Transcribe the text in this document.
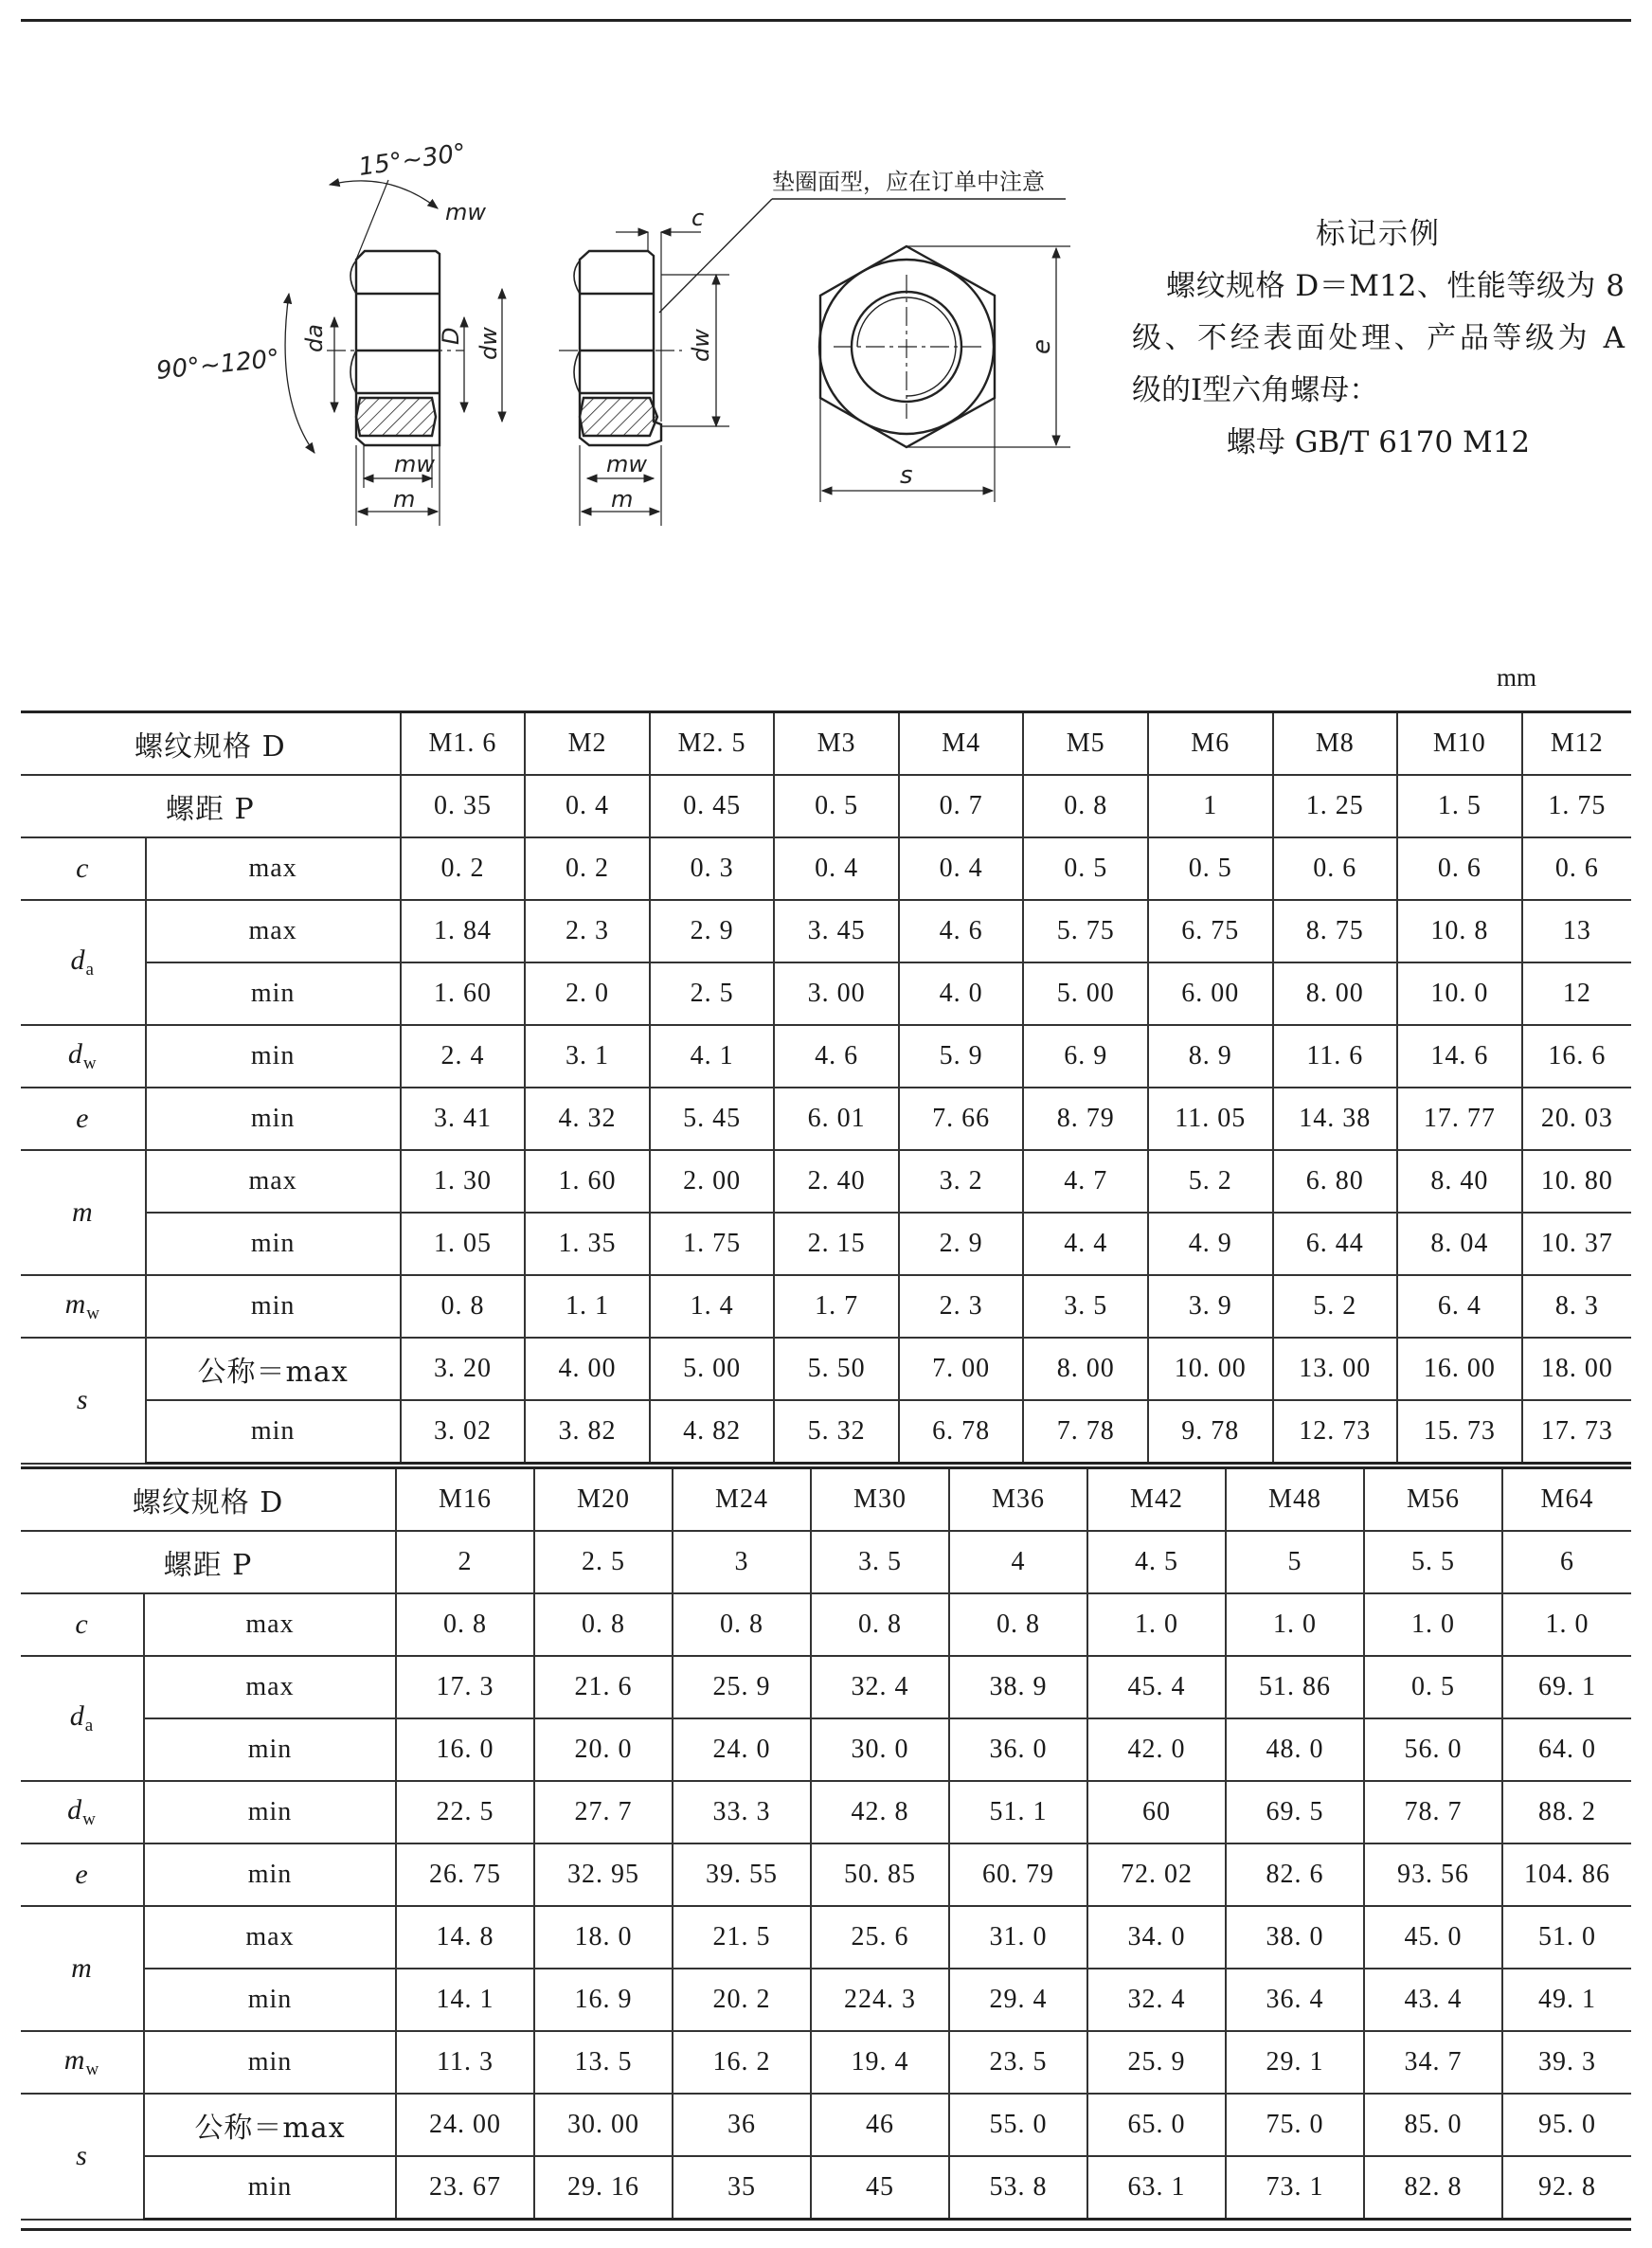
15°~30°
90°~120°
mw
da	D dw
mw
m
c
dw
mw
m
垫圈面型，应在订单中注意
e
s
标记示例
螺纹规格 D＝M12、性能等级为 8
级、不经表面处理、产品等级为 A
级的Ⅰ型六角螺母：
螺母 GB/T 6170 M12
mm
螺纹规格 D		M1. 6	M2	M2. 5	M3	M4	M5	M6	M8	M10	M12
螺距 P		0. 35	0. 4	0. 45	0. 5	0. 7	0. 8	1	1. 25	1. 5	1. 75
c	max	0. 2	0. 2	0. 3	0. 4	0. 4	0. 5	0. 5	0. 6	0. 6	0. 6
$d_a$	max	1. 84	2. 3	2. 9	3. 45	4. 6	5. 75	6. 75	8. 75	10. 8	13
	min	1. 60	2. 0	2. 5	3. 00	4. 0	5. 00	6. 00	8. 00	10. 0	12
$d_w$	min	2. 4	3. 1	4. 1	4. 6	5. 9	6. 9	8. 9	11. 6	14. 6	16. 6
e	min	3. 41	4. 32	5. 45	6. 01	7. 66	8. 79	11. 05	14. 38	17. 77	20. 03
m	max	1. 30	1. 60	2. 00	2. 40	3. 2	4. 7	5. 2	6. 80	8. 40	10. 80
	min	1. 05	1. 35	1. 75	2. 15	2. 9	4. 4	4. 9	6. 44	8. 04	10. 37
$m_w$	min	0. 8	1. 1	1. 4	1. 7	2. 3	3. 5	3. 9	5. 2	6. 4	8. 3
s	公称＝max	3. 20	4. 00	5. 00	5. 50	7. 00	8. 00	10. 00	13. 00	16. 00	18. 00
	min	3. 02	3. 82	4. 82	5. 32	6. 78	7. 78	9. 78	12. 73	15. 73	17. 73
螺纹规格 D		M16	M20	M24	M30	M36	M42	M48	M56	M64
螺距 P		2	2. 5	3	3. 5	4	4. 5	5	5. 5	6
c	max	0. 8	0. 8	0. 8	0. 8	0. 8	1. 0	1. 0	1. 0	1. 0
$d_a$	max	17. 3	21. 6	25. 9	32. 4	38. 9	45. 4	51. 86	0. 5	69. 1
	min	16. 0	20. 0	24. 0	30. 0	36. 0	42. 0	48. 0	56. 0	64. 0
$d_w$	min	22. 5	27. 7	33. 3	42. 8	51. 1	60	69. 5	78. 7	88. 2
e	min	26. 75	32. 95	39. 55	50. 85	60. 79	72. 02	82. 6	93. 56	104. 86
m	max	14. 8	18. 0	21. 5	25. 6	31. 0	34. 0	38. 0	45. 0	51. 0
	min	14. 1	16. 9	20. 2	224. 3	29. 4	32. 4	36. 4	43. 4	49. 1
$m_w$	min	11. 3	13. 5	16. 2	19. 4	23. 5	25. 9	29. 1	34. 7	39. 3
s	公称＝max	24. 00	30. 00	36	46	55. 0	65. 0	75. 0	85. 0	95. 0
	min	23. 67	29. 16	35	45	53. 8	63. 1	73. 1	82. 8	92. 8
